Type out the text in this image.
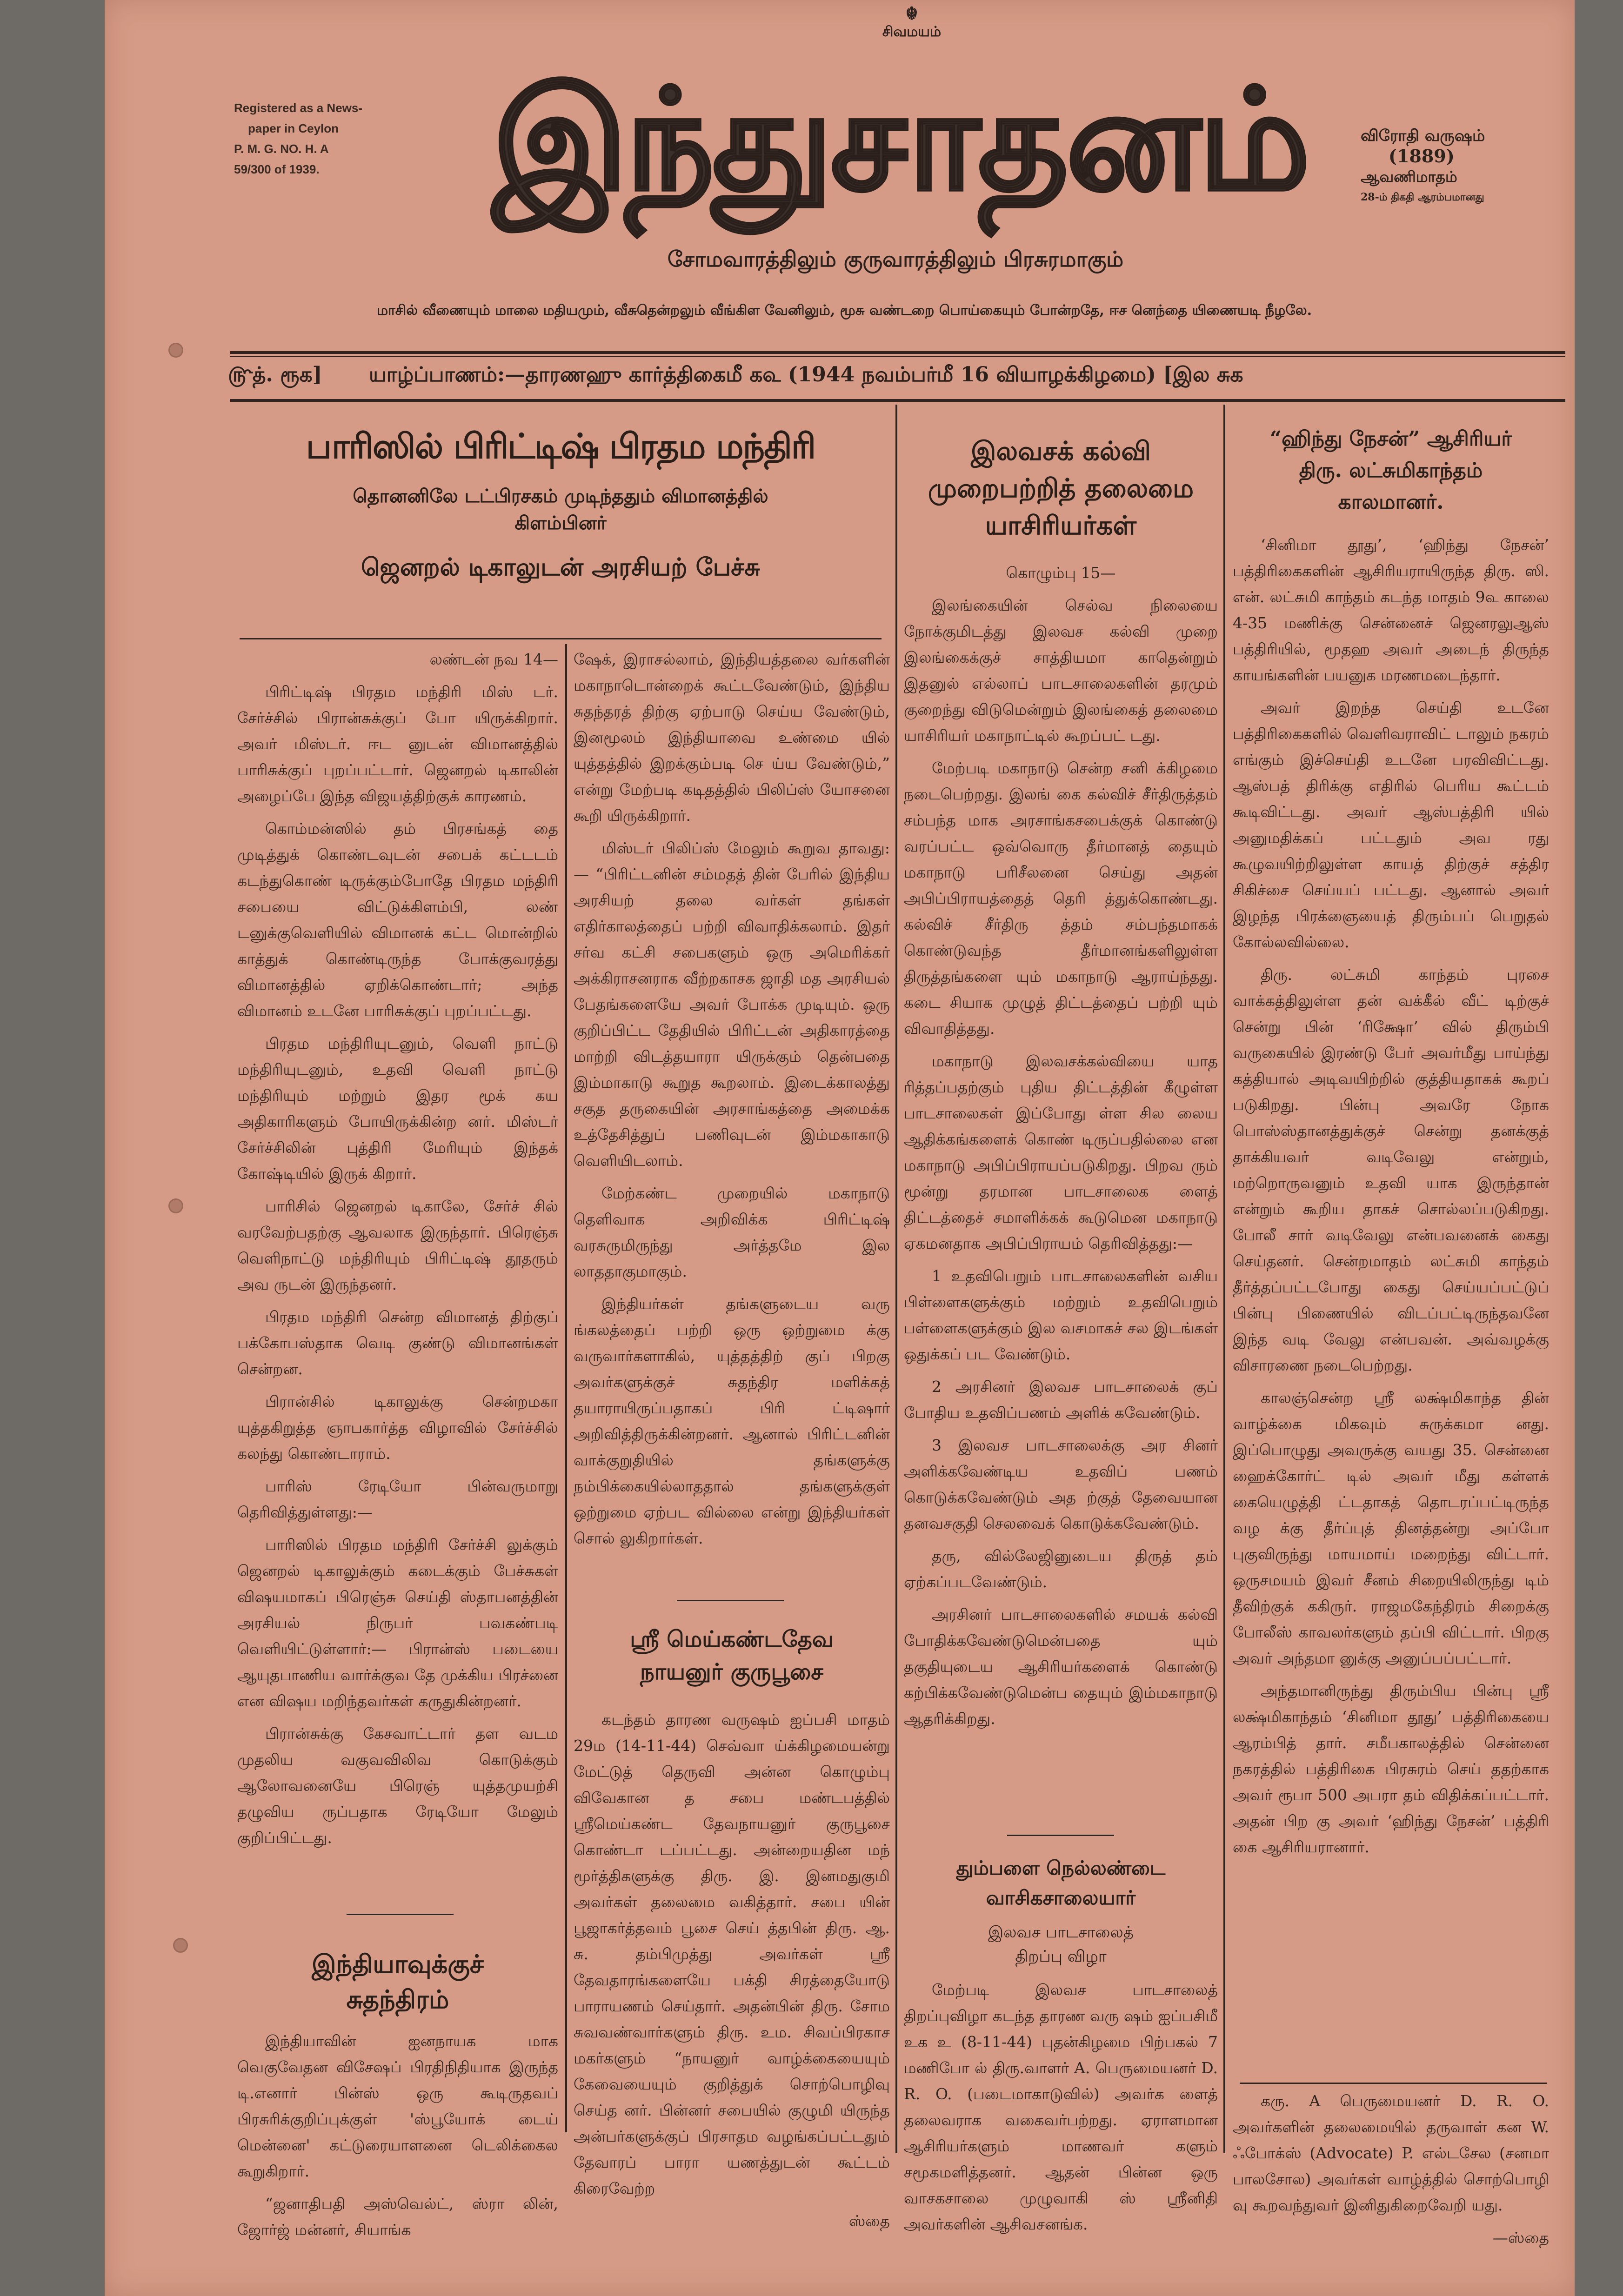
Registered as a News-
paper in Ceylon
P. M. G. NO. H. A
59/300 of 1939.
☬
சிவமயம்
இந்துசாதனம்	விரோதி வருஷம்
(1889)
ஆவணிமாதம்
28-ம் திகதி ஆரம்பமானது
சோமவாரத்திலும் குருவாரத்திலும் பிரசுரமாகும்
மாசில் வீணையும் மாலை மதியமும், வீசுதென்றலும் வீங்கிள வேனிலும், மூசு வண்டறை பொய்கையும் போன்றதே, ஈச னெந்தை யிணையடி நீழலே.
௹த். ரூக] யாழ்ப்பாணம்:—தாரணஹு கார்த்திகைமீ க௳ (1944 நவம்பர்மீ 16 வியாழக்கிழமை) [இல சுக
பாரிஸில் பிரிட்டிஷ் பிரதம மந்திரி
தொனனிலே டட்பிரசகம் முடிந்ததும் விமானத்தில் கிளம்பினர்
ஜெனறல் டிகாலுடன் அரசியற் பேச்சு

லண்டன் நவ 14—

பிரிட்டிஷ் பிரதம மந்திரி மிஸ் டர். சேர்ச்சில் பிரான்சுக்குப் போ யிருக்கிறார். அவர் மிஸ்டர். ஈட னுடன் விமானத்தில் பாரிசுக்குப் புறப்பட்டார். ஜெனறல் டிகாலின் அழைப்பே இந்த விஜயத்திற்குக் காரணம்.

கொம்மன்ஸில் தம் பிரசங்கத் தை முடித்துக் கொண்டவுடன் சபைக் கட்டடம் கடந்துகொண் டிருக்கும்போதே பிரதம மந்திரி சபையை விட்டுக்கிளம்பி, லண் டனுக்குவெளியில் விமானக் கட்ட மொன்றில் காத்துக் கொண்டிருந்த போக்குவரத்து விமானத்தில் ஏறிக்கொண்டார்; அந்த விமானம் உடனே பாரிசுக்குப் புறப்பட்டது.

பிரதம மந்திரியுடனும், வெளி நாட்டு மந்திரியுடனும், உதவி வெளி நாட்டு மந்திரியும் மற்றும் இதர மூக் கய அதிகாரிகளும் போயிருக்கின்ற னர். மிஸ்டர் சேர்ச்சிலின் புத்திரி மேரியும் இந்தக் கோஷ்டியில் இருக் கிறார்.

பாரிசில் ஜெனறல் டிகாலே, சேர்ச் சில் வரவேற்பதற்கு ஆவலாக இருந்தார். பிரெஞ்சு வெளிநாட்டு மந்திரியும் பிரிட்டிஷ் தூதரும் அவ ருடன் இருந்தனர்.

பிரதம மந்திரி சென்ற விமானத் திற்குப் பக்கோபஸ்தாக வெடி குண்டு விமானங்கள் சென்றன.

பிரான்சில் டிகாலுக்கு சென்றமகா யுத்தகிறுத்த ஞாபகார்த்த விழாவில் சேர்ச்சில் கலந்து கொண்டாராம்.

பாரிஸ் ரேடியோ பின்வருமாறு தெரிவித்துள்ளது:—

பாரிஸில் பிரதம மந்திரி சேர்ச்சி லுக்கும் ஜெனறல் டிகாலுக்கும் கடைக்கும் பேச்சுகள் விஷயமாகப் பிரெஞ்சு செய்தி ஸ்தாபனத்தின் அரசியல் நிருபர் பவகண்படி வெளியிட்டுள்ளார்:— பிரான்ஸ் படையை ஆயுதபாணிய வார்க்குவ தே முக்கிய பிரச்னை என விஷய மறிந்தவர்கள் கருதுகின்றனர்.

பிரான்சுக்கு கேசவாட்டார் தள வடம முதலிய வகுவவிலிவ கொடுக்கும் ஆலோவனையே பிரெஞ் யுத்தமுயற்சி தழுவிய ருப்பதாக ரேடியோ மேலும் குறிப்பிட்டது.

இந்தியாவுக்குச் சுதந்திரம்

இந்தியாவின் ஐனநாயக மாக வெகுவேதன விசேஷப் பிரதிநிதியாக இருந்த டி.எனார் பின்ஸ் ஒரு கூடிருதவப் பிரசுரிக்குறிப்புக்குள் 'ஸ்பூயோக் டைய் மென்னை' கட்டுரையாளனை டெலிக்கைல கூறுகிறார்.

“ஜனாதிபதி அஸ்வெல்ட், ஸ்ரா லின், ஜோர்ஜ் மன்னர், சியாங்க

ஷேக், இராசல்லாம், இந்தியத்தலை வர்களின் மகாநாடொன்றைக் கூட்டவேண்டும், இந்திய சுதந்தரத் திற்கு ஏற்பாடு செய்ய வேண்டும், இனமூலம் இந்தியாவை உண்மை யில் யுத்தத்தில் இறக்கும்படி செ ய்ய வேண்டும்,” என்று மேற்படி கடிதத்தில் பிலிப்ஸ் யோசனை கூறி யிருக்கிறார்.

மிஸ்டர் பிலிப்ஸ் மேலும் கூறுவ தாவது:— “பிரிட்டனின் சம்மதத் தின் பேரில் இந்திய அரசியற் தலை வர்கள் தங்கள் எதிர்காலத்தைப் பற்றி விவாதிக்கலாம். இதர் சர்வ கட்சி சபைகளும் ஒரு அமெரிக்கர் அக்கிராசனராக வீற்றகாசக ஜாதி மத அரசியல் பேதங்களையே அவர் போக்க முடியும். ஒரு குறிப்பிட்ட தேதியில் பிரிட்டன் அதிகாரத்தை மாற்றி விடத்தயாரா யிருக்கும் தென்பதை இம்மாகாடு கூறுத கூறலாம். இடைக்காலத்து சகுத தருகையின் அரசாங்கத்தை அமைக்க உத்தேசித்துப் பணிவுடன் இம்மகாகாடு வெளியிடலாம்.

மேற்கண்ட முறையில் மகாநாடு தெளிவாக அறிவிக்க பிரிட்டிஷ் வரசுருமிருந்து அர்த்தமே இல லாததாகுமாகும்.

இந்தியர்கள் தங்களுடைய வரு ங்கலத்தைப் பற்றி ஒரு ஒற்றுமை க்கு வருவார்களாகில், யுத்தத்திற் குப் பிறகு அவர்களுக்குச் சுதந்திர மளிக்கத் தயாராயிருப்பதாகப் பிரி ட்டிஷார் அறிவித்திருக்கின்றனர். ஆனால் பிரிட்டனின் வாக்குறுதியில் தங்களுக்கு நம்பிக்கையில்லாததால் தங்களுக்குள் ஒற்றுமை ஏற்பட வில்லை என்று இந்தியர்கள் சொல் லுகிறார்கள்.

ஸ்ரீ மெய்கண்டதேவ நாயனுர் குருபூசை

கடந்தம் தாரண வருஷம் ஐப்பசி மாதம் 29ம (14-11-44) செவ்வா ய்க்கிழமையன்று மேட்டுத் தெருவி அன்ன கொழும்பு விவேகான த சபை மண்டபத்தில் ஸ்ரீமெய்கண்ட தேவநாயனுர் குருபூசை கொண்டா டப்பட்டது. அன்றையதின மந் மூர்த்திகளுக்கு திரு. இ. இனமதுகுமி அவர்கள் தலைமை வகித்தார். சபை யின் பூஜாகர்த்தவம் பூசை செய் த்தபின் திரு. ஆ. சு. தம்பிமுத்து அவர்கள் ஸ்ரீ தேவதாரங்களையே பக்தி சிரத்தையோடு பாராயணம் செய்தார். அதன்பின் திரு. சோம சுவவண்வார்களும் திரு. உம. சிவப்பிரகாச மகர்களும் “நாயனுர் வாழ்க்கையையும் கேவையையும் குறித்துக் சொற்பொழிவு செய்த னர். பின்னர் சபையில் குழுமி யிருந்த அன்பர்களுக்குப் பிரசாதம வழங்கப்பட்டதும் தேவாரப் பாரா யணத்துடன் கூட்டம் கிரைவேற்ற

ஸ்தை

இலவசக் கல்வி முறைபற்றித் தலைமை யாசிரியர்கள்

கொழும்பு 15—

இலங்கையின் செல்வ நிலையை நோக்குமிடத்து இலவச கல்வி முறை இலங்கைக்குச் சாத்தியமா காதென்றும் இதனுல் எல்லாப் பாடசாலைகளின் தரமும் குறைந்து விடுமென்றும் இலங்கைத் தலைமை யாசிரியர் மகாநாட்டில் கூறப்பட் டது.

மேற்படி மகாநாடு சென்ற சனி க்கிழமை நடைபெற்றது. இலங் கை கல்விச் சீர்திருத்தம் சம்பந்த மாக அரசாங்கசபைக்குக் கொண்டு வரப்பட்ட ஒவ்வொரு தீர்மானத் தையும் மகாநாடு பரிசீலனை செய்து அதன் அபிப்பிராயத்தைத் தெரி த்துக்கொண்டது. கல்விச் சீர்திரு த்தம் சம்பந்தமாகக் கொண்டுவந்த தீர்மானங்களிலுள்ள திருத்தங்களை யும் மகாநாடு ஆராய்ந்தது. கடை சியாக முழுத் திட்டத்தைப் பற்றி யும் விவாதித்தது.

மகாநாடு இலவசக்கல்வியை யாத ரித்தப்பதற்கும் புதிய திட்டத்தின் கீழுள்ள பாடசாலைகள் இப்போது ள்ள சில லைய ஆதிக்கங்களைக் கொண் டிருப்பதில்லை என மகாநாடு அபிப்பிராயப்படுகிறது. பிறவ ரும் மூன்று தரமான பாடசாலைக ளைத் திட்டத்தைச் சமாளிக்கக் கூடுமென மகாநாடு ஏகமனதாக அபிப்பிராயம் தெரிவித்தது:—

1 உதவிபெறும் பாடசாலைகளின் வசிய பிள்ளைகளுக்கும் மற்றும் உதவிபெறும் பள்ளைகளுக்கும் இல வசமாகச் சல இடங்கள் ஒதுக்கப் பட வேண்டும்.

2 அரசினர் இலவச பாடசாலைக் குப் போதிய உதவிப்பணம் அளிக் கவேண்டும்.

3 இலவச பாடசாலைக்கு அர சினர் அளிக்கவேண்டிய உதவிப் பணம் கொடுக்கவேண்டும் அத ற்குத் தேவையான தனவசகுதி செலவைக் கொடுக்கவேண்டும்.

தரு, வில்லேஜினுடைய திருத் தம் ஏற்கப்படவேண்டும்.

அரசினர் பாடசாலைகளில் சமயக் கல்வி போதிக்கவேண்டுமென்பதை யும் தகுதியுடைய ஆசிரியர்களைக் கொண்டு கற்பிக்கவேண்டுமென்ப தையும் இம்மகாநாடு ஆதரிக்கிறது.

தும்பளை நெல்லண்டை வாசிகசாலையார்
இலவச பாடசாலைத் திறப்பு விழா

மேற்படி இலவச பாடசாலைத் திறப்புவிழா கடந்த தாரண வரு ஷம் ஐப்பசிமீ உக உ (8-11-44) புதன்கிழமை பிற்பகல் 7 மணிபோ ல் திரு.வாளர் A. பெருமையனர் D. R. O. (படைமாகாடுவில்) அவர்க ளைத் தலைவராக வகைவர்பற்றது. ஏராளமான ஆசிரியர்களும் மாணவர் களும் சமூகமளித்தனர். ஆதன் பின்ன ஒரு வாசகசாலை முழுவாகி ஸ் ஸ்ரீனிதி அவர்களின் ஆசிவசனங்க.

“ஹிந்து நேசன்” ஆசிரியர் திரு. லட்சுமிகாந்தம் காலமானர்.

‘சினிமா தூது’, ‘ஹிந்து நேசன்’ பத்திரிகைகளின் ஆசிரியராயிருந்த திரு. ஸி. என். லட்சுமி காந்தம் கடந்த மாதம் 9௳ காலை 4-35 மணிக்கு சென்னைச் ஜெனரலுஆஸ் பத்திரியில், மூதஹ அவர் அடைந் திருந்த காயங்களின் பயனுக மரணமடைந்தார்.

அவர் இறந்த செய்தி உடனே பத்திரிகைகளில் வெளிவராவிட் டாலும் நகரம் எங்கும் இச்செய்தி உடனே பரவிவிட்டது. ஆஸ்பத் திரிக்கு எதிரில் பெரிய கூட்டம் கூடிவிட்டது. அவர் ஆஸ்பத்திரி யில் அனுமதிக்கப் பட்டதும் அவ ரது கூழுவயிற்றிலுள்ள காயத் திற்குச் சத்திர சிகிச்சை செய்யப் பட்டது. ஆனால் அவர் இழந்த பிரக்ஞையைத் திரும்பப் பெறுதல் கோல்லவில்லை.

திரு. லட்சுமி காந்தம் புரசை வாக்கத்திலுள்ள தன் வக்கீல் வீட் டிற்குச் சென்று பின் ‘ரிக்ஷோ’ வில் திரும்பி வருகையில் இரண்டு பேர் அவர்மீது பாய்ந்து கத்தியால் அடிவயிற்றில் குத்தியதாகக் கூறப் படுகிறது. பின்பு அவரே நோக பொஸ்ஸ்தானத்துக்குச் சென்று தனக்குத் தாக்கியவர் வடிவேலு என்றும், மற்றொருவனும் உதவி யாக இருந்தான் என்றும் கூறிய தாகச் சொல்லப்படுகிறது. போலீ சார் வடிவேலு என்பவனைக் கைது செய்தனர். சென்றமாதம் லட்சுமி காந்தம் தீர்த்தப்பட்டபோது கைது செய்யப்பட்டுப் பின்பு பிணையில் விடப்பட்டிருந்தவனே இந்த வடி வேலு என்பவன். அவ்வழக்கு விசாரணை நடைபெற்றது.

காலஞ்சென்ற ஸ்ரீ லக்ஷ்மிகாந்த தின் வாழ்க்கை மிகவும் சுருக்கமா னது. இப்பொழுது அவருக்கு வயது 35. சென்னை ஹைக்கோர்ட் டில் அவர் மீது கள்ளக் கையெழுத்தி ட்டதாகத் தொடரப்பட்டிருந்த வழ க்கு தீர்ப்புத் தினத்தன்று அப்போ புகுவிருந்து மாயமாய் மறைந்து விட்டார். ஒருசமயம் இவர் சீனம் சிறையிலிருந்து டிம் தீவிற்குக் ககிருர். ராஜமகேந்திரம் சிறைக்கு போலீஸ் காவலர்களும் தப்பி விட்டார். பிறகு அவர் அந்தமா னுக்கு அனுப்பப்பட்டார்.

அந்தமானிருந்து திரும்பிய பின்பு ஸ்ரீ லக்ஷ்மிகாந்தம் ‘சினிமா தூது’ பத்திரிகையை ஆரம்பித் தார். சமீபகாலத்தில் சென்னை நகரத்தில் பத்திரிகை பிரசுரம் செய் ததற்காக அவர் ரூபா 500 அபரா தம் விதிக்கப்பட்டார். அதன் பிற கு அவர் ‘ஹிந்து நேசன்’ பத்திரி கை ஆசிரியரானார்.

கரு. A பெருமையனர் D. R. O. அவர்களின் தலைமையில் தருவாள் கன W. ஃபோக்ஸ் (Advocate) P. எல்டசேல (சனமா பாலசோல) அவர்கள் வாழ்த்தில் சொற்பொழி வு கூறவந்துவர் இனிதுகிறைவேறி யது.

—ஸ்தை
